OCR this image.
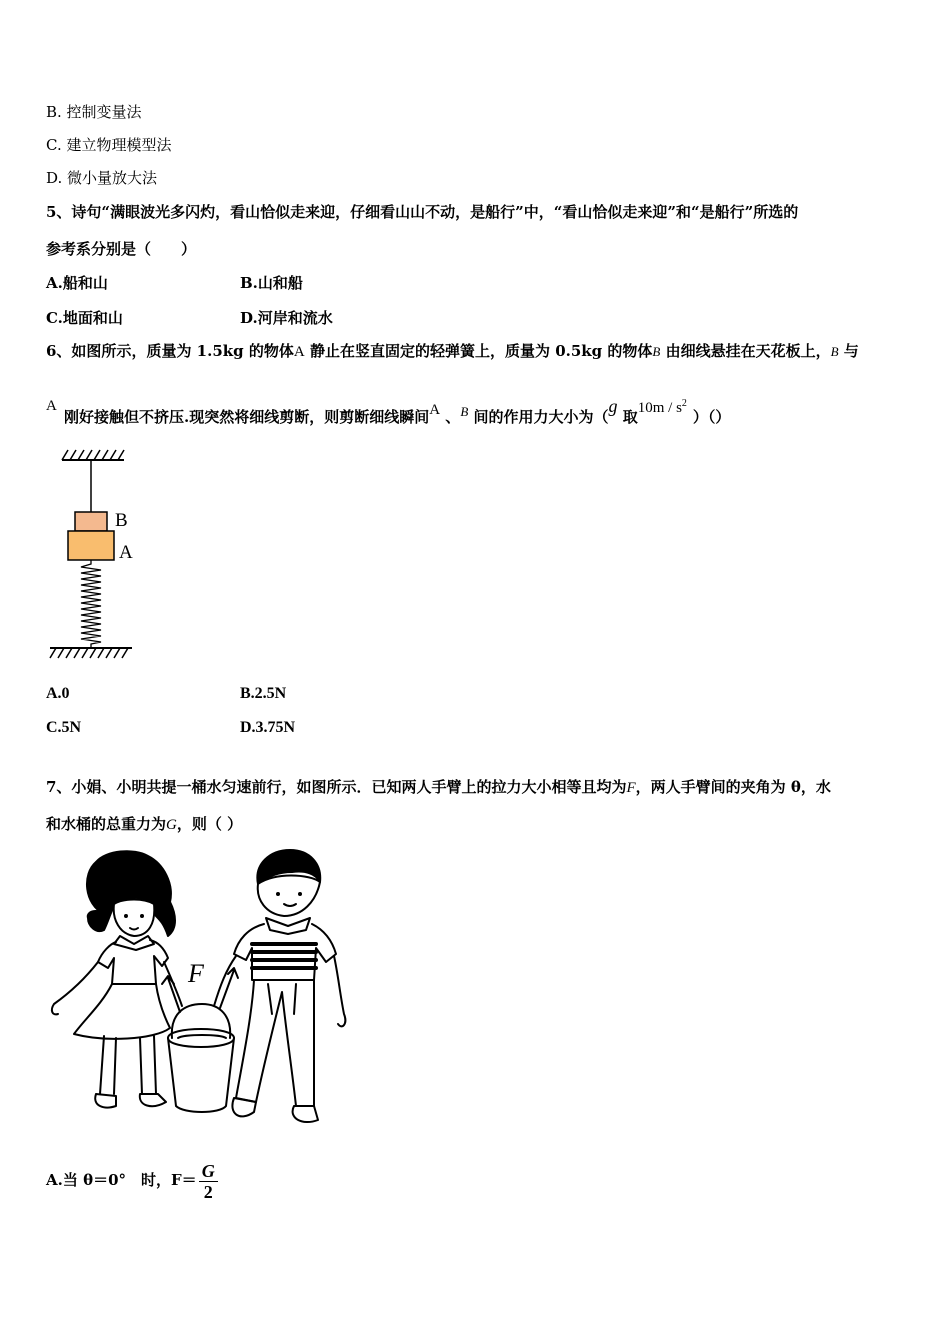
B. 控制变量法
C. 建立物理模型法
D. 微小量放大法
5、诗句“满眼波光多闪灼，看山恰似走来迎，仔细看山山不动，是船行”中，“看山恰似走来迎”和“是船行”所选的
参考系分别是（　　）
A.船和山	B.山和船
C.地面和山	D.河岸和流水
6、如图所示，质量为 1.5kg 的物体A 静止在竖直固定的轻弹簧上，质量为 0.5kg 的物体B 由细线悬挂在天花板上，B 与
A
刚好接触但不挤压.现突然将细线剪断，则剪断细线瞬间A 、B 间的作用力大小为（g 取$10m / s^2)()$
B
A
A.0	B.2.5N
C.5N	D.3.75N
7、小娟、小明共提一桶水匀速前行，如图所示．已知两人手臂上的拉力大小相等且均为F，两人手臂间的夹角为 θ，水
和水桶的总重力为G，则（ ）
F
A.当 θ＝0°　时，$F= \frac{G}{2}$
